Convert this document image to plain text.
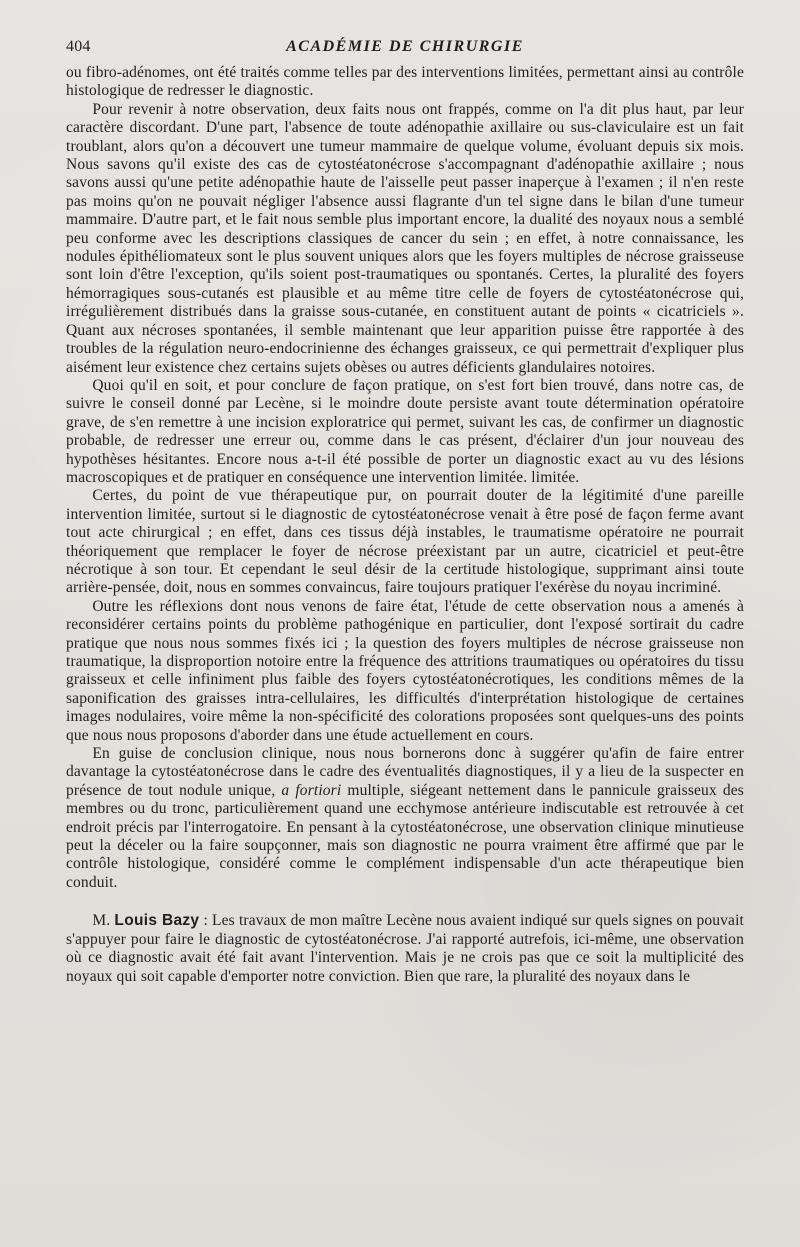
404	ACADÉMIE DE CHIRURGIE

ou fibro-adénomes, ont été traités comme telles par des interventions limitées, permettant ainsi au contrôle histologique de redresser le diagnostic.

Pour revenir à notre observation, deux faits nous ont frappés, comme on l'a dit plus haut, par leur caractère discordant. D'une part, l'absence de toute adénopathie axillaire ou sus-claviculaire est un fait troublant, alors qu'on a découvert une tumeur mammaire de quelque volume, évoluant depuis six mois. Nous savons qu'il existe des cas de cytostéatonécrose s'accompagnant d'adénopathie axillaire ; nous savons aussi qu'une petite adénopathie haute de l'aisselle peut passer inaperçue à l'examen ; il n'en reste pas moins qu'on ne pouvait négliger l'absence aussi flagrante d'un tel signe dans le bilan d'une tumeur mammaire. D'autre part, et le fait nous semble plus important encore, la dualité des noyaux nous a semblé peu conforme avec les descriptions classiques de cancer du sein ; en effet, à notre connaissance, les nodules épithéliomateux sont le plus souvent uniques alors que les foyers multiples de nécrose graisseuse sont loin d'être l'exception, qu'ils soient post-traumatiques ou spontanés. Certes, la pluralité des foyers hémorragiques sous-cutanés est plausible et au même titre celle de foyers de cytostéatonécrose qui, irrégulièrement distribués dans la graisse sous-cutanée, en constituent autant de points « cicatriciels ». Quant aux nécroses spontanées, il semble maintenant que leur apparition puisse être rapportée à des troubles de la régulation neuro-endocrinienne des échanges graisseux, ce qui permettrait d'expliquer plus aisément leur existence chez certains sujets obèses ou autres déficients glandulaires notoires.

Quoi qu'il en soit, et pour conclure de façon pratique, on s'est fort bien trouvé, dans notre cas, de suivre le conseil donné par Lecène, si le moindre doute persiste avant toute détermination opératoire grave, de s'en remettre à une incision exploratrice qui permet, suivant les cas, de confirmer un diagnostic probable, de redresser une erreur ou, comme dans le cas présent, d'éclairer d'un jour nouveau des hypothèses hésitantes. Encore nous a-t-il été possible de porter un diagnostic exact au vu des lésions macroscopiques et de pratiquer en conséquence une intervention limitée. limitée.

Certes, du point de vue thérapeutique pur, on pourrait douter de la légitimité d'une pareille intervention limitée, surtout si le diagnostic de cytostéatonécrose venait à être posé de façon ferme avant tout acte chirurgical ; en effet, dans ces tissus déjà instables, le traumatisme opératoire ne pourrait théoriquement que remplacer le foyer de nécrose préexistant par un autre, cicatriciel et peut-être nécrotique à son tour. Et cependant le seul désir de la certitude histologique, supprimant ainsi toute arrière-pensée, doit, nous en sommes convaincus, faire toujours pratiquer l'exérèse du noyau incriminé.

Outre les réflexions dont nous venons de faire état, l'étude de cette observation nous a amenés à reconsidérer certains points du problème pathogénique en particulier, dont l'exposé sortirait du cadre pratique que nous nous sommes fixés ici ; la question des foyers multiples de nécrose graisseuse non traumatique, la disproportion notoire entre la fréquence des attritions traumatiques ou opératoires du tissu graisseux et celle infiniment plus faible des foyers cytostéatonécrotiques, les conditions mêmes de la saponification des graisses intra-cellulaires, les difficultés d'interprétation histologique de certaines images nodulaires, voire même la non-spécificité des colorations proposées sont quelques-uns des points que nous nous proposons d'aborder dans une étude actuellement en cours.

En guise de conclusion clinique, nous nous bornerons donc à suggérer qu'afin de faire entrer davantage la cytostéatonécrose dans le cadre des éventualités diagnostiques, il y a lieu de la suspecter en présence de tout nodule unique, a fortiori multiple, siégeant nettement dans le pannicule graisseux des membres ou du tronc, particulièrement quand une ecchymose antérieure indiscutable est retrouvée à cet endroit précis par l'interrogatoire. En pensant à la cytostéatonécrose, une observation clinique minutieuse peut la déceler ou la faire soupçonner, mais son diagnostic ne pourra vraiment être affirmé que par le contrôle histologique, considéré comme le complément indispensable d'un acte thérapeutique bien conduit.

M. Louis Bazy : Les travaux de mon maître Lecène nous avaient indiqué sur quels signes on pouvait s'appuyer pour faire le diagnostic de cytostéatonécrose. J'ai rapporté autrefois, ici-même, une observation où ce diagnostic avait été fait avant l'intervention. Mais je ne crois pas que ce soit la multiplicité des noyaux qui soit capable d'emporter notre conviction. Bien que rare, la pluralité des noyaux dans le
